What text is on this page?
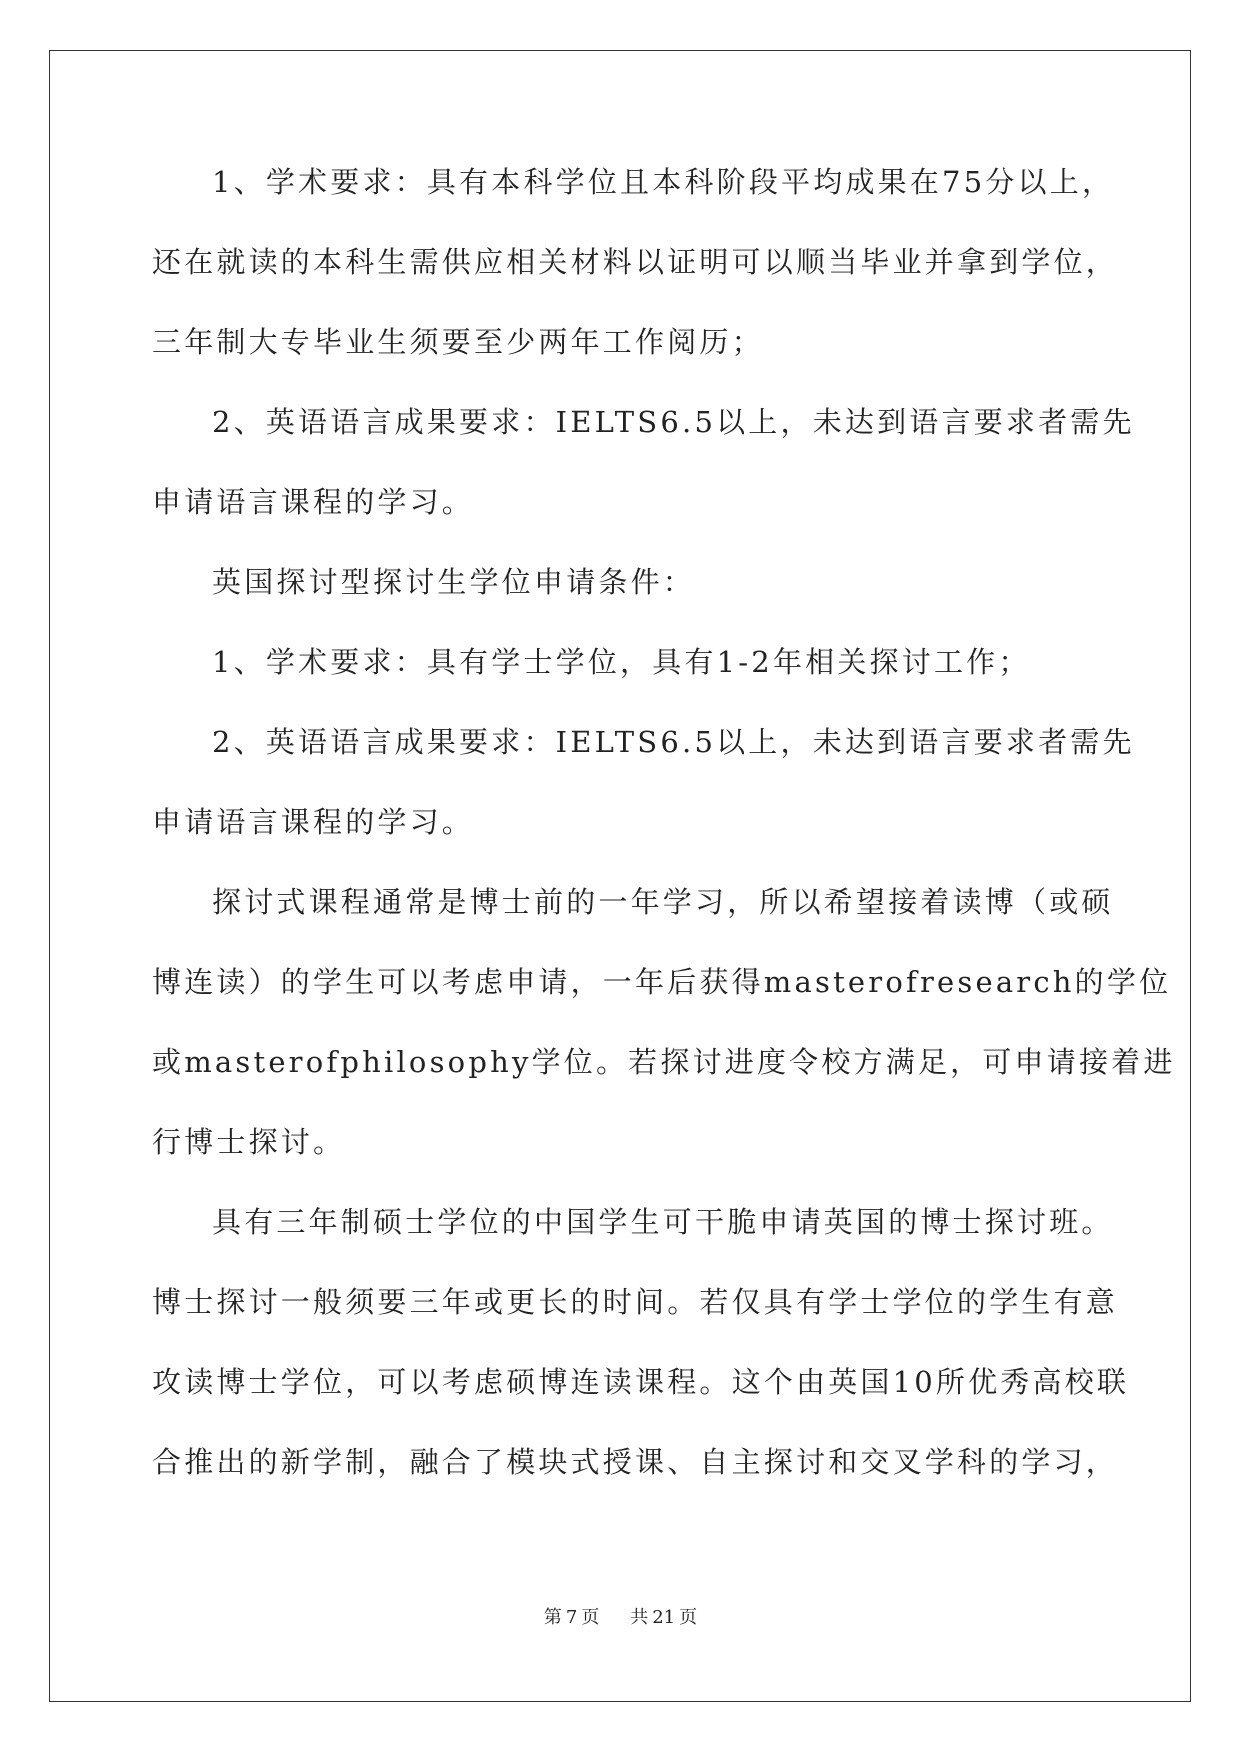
1、学术要求：具有本科学位且本科阶段平均成果在75分以上，
还在就读的本科生需供应相关材料以证明可以顺当毕业并拿到学位，
三年制大专毕业生须要至少两年工作阅历；
2、英语语言成果要求：IELTS6.5以上，未达到语言要求者需先
申请语言课程的学习。
英国探讨型探讨生学位申请条件：
1、学术要求：具有学士学位，具有1-2年相关探讨工作；
2、英语语言成果要求：IELTS6.5以上，未达到语言要求者需先
申请语言课程的学习。
探讨式课程通常是博士前的一年学习，所以希望接着读博（或硕
博连读）的学生可以考虑申请，一年后获得masterofresearch的学位
或masterofphilosophy学位。若探讨进度令校方满足，可申请接着进
行博士探讨。
具有三年制硕士学位的中国学生可干脆申请英国的博士探讨班。
博士探讨一般须要三年或更长的时间。若仅具有学士学位的学生有意
攻读博士学位，可以考虑硕博连读课程。这个由英国10所优秀高校联
合推出的新学制，融合了模块式授课、自主探讨和交叉学科的学习，
第 7 页 共 21 页
